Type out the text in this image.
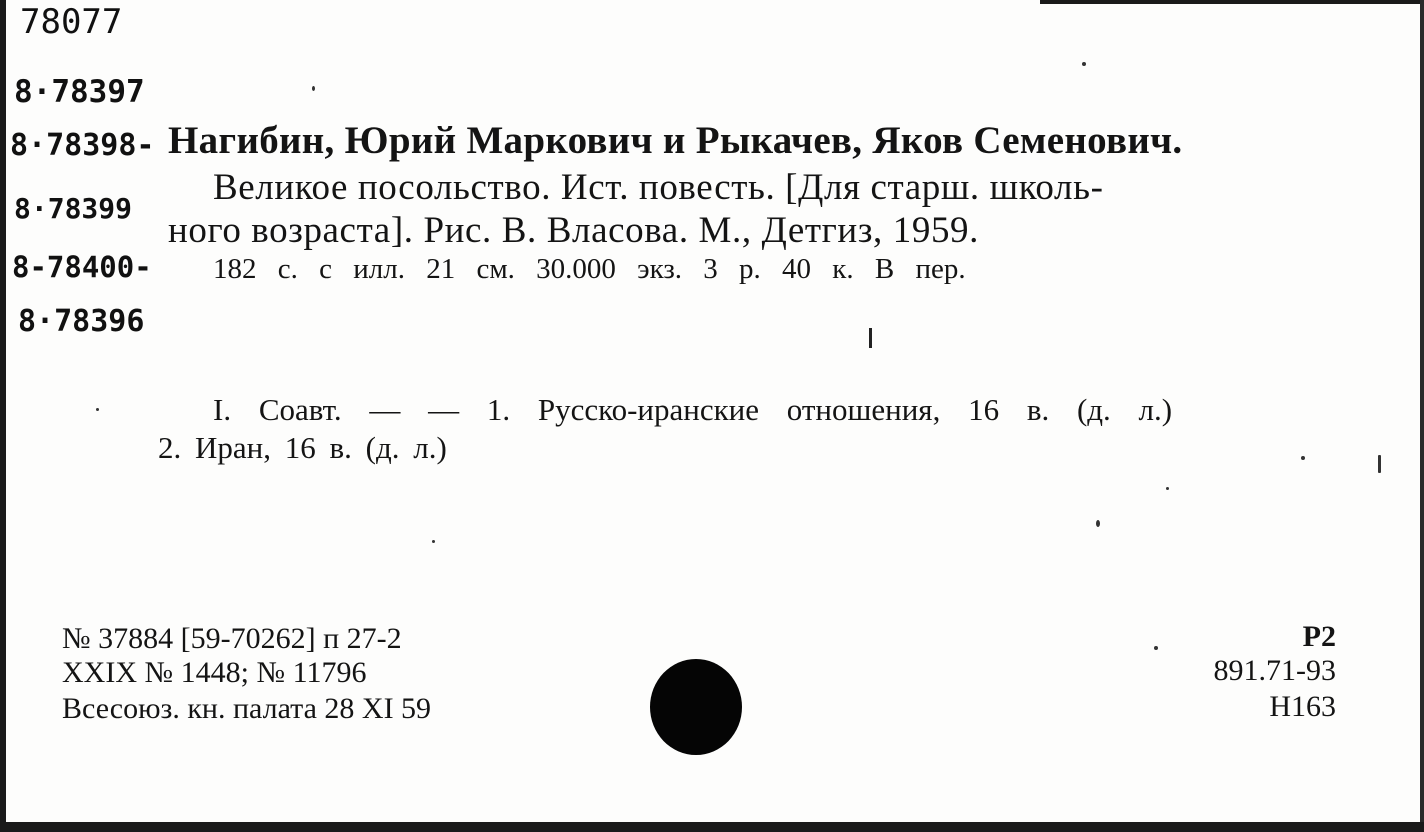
78077
8·78397
8·78398-
8·78399
8-78400-
8·78396
Нагибин, Юрий Маркович и Рыкачев, Яков Семенович.
Великое посольство. Ист. повесть. [Для старш. школь-
ного возраста]. Рис. В. Власова. М., Детгиз, 1959.
182 с. с илл. 21 см. 30.000 экз. 3 р. 40 к. В пер.
I. Соавт. — — 1. Русско-иранские отношения, 16 в. (д. л.)
2. Иран, 16 в. (д. л.)
№ 37884 [59-70262] п 27-2
XXIX № 1448; № 11796
Всесоюз. кн. палата 28 XI 59
Р2
891.71-93
Н163
